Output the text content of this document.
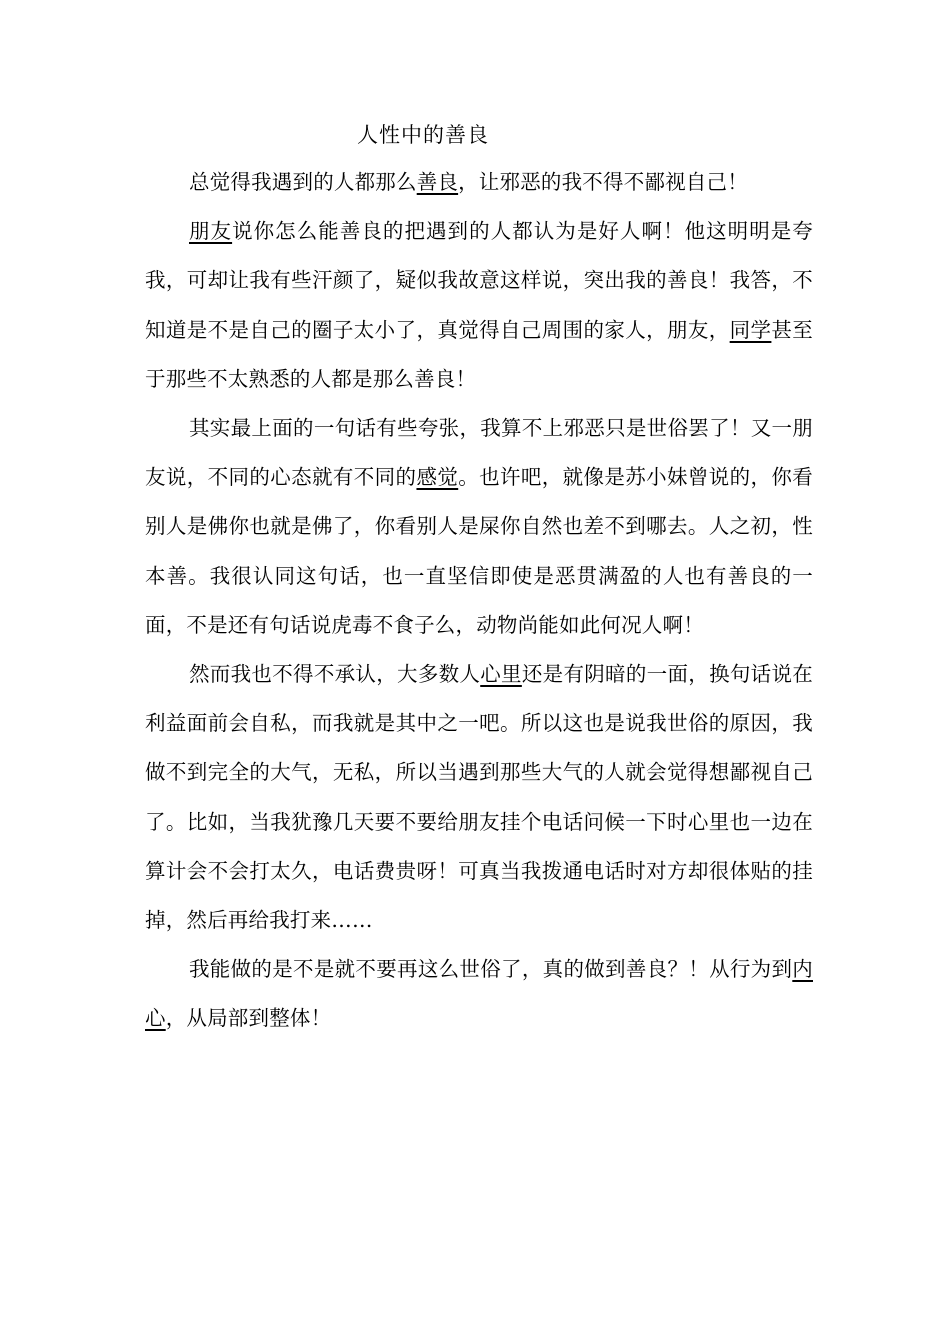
人性中的善良

总觉得我遇到的人都那么善良，让邪恶的我不得不鄙视自己！

朋友说你怎么能善良的把遇到的人都认为是好人啊！他这明明是夸我，可却让我有些汗颜了，疑似我故意这样说，突出我的善良！我答，不知道是不是自己的圈子太小了，真觉得自己周围的家人，朋友，同学甚至于那些不太熟悉的人都是那么善良！

其实最上面的一句话有些夸张，我算不上邪恶只是世俗罢了！又一朋友说，不同的心态就有不同的感觉。也许吧，就像是苏小妹曾说的，你看别人是佛你也就是佛了，你看别人是屎你自然也差不到哪去。人之初，性本善。我很认同这句话，也一直坚信即使是恶贯满盈的人也有善良的一面，不是还有句话说虎毒不食子么，动物尚能如此何况人啊！

然而我也不得不承认，大多数人心里还是有阴暗的一面，换句话说在利益面前会自私，而我就是其中之一吧。所以这也是说我世俗的原因，我做不到完全的大气，无私，所以当遇到那些大气的人就会觉得想鄙视自己了。比如，当我犹豫几天要不要给朋友挂个电话问候一下时心里也一边在算计会不会打太久，电话费贵呀！可真当我拨通电话时对方却很体贴的挂掉，然后再给我打来……

我能做的是不是就不要再这么世俗了，真的做到善良？！从行为到内心，从局部到整体！
